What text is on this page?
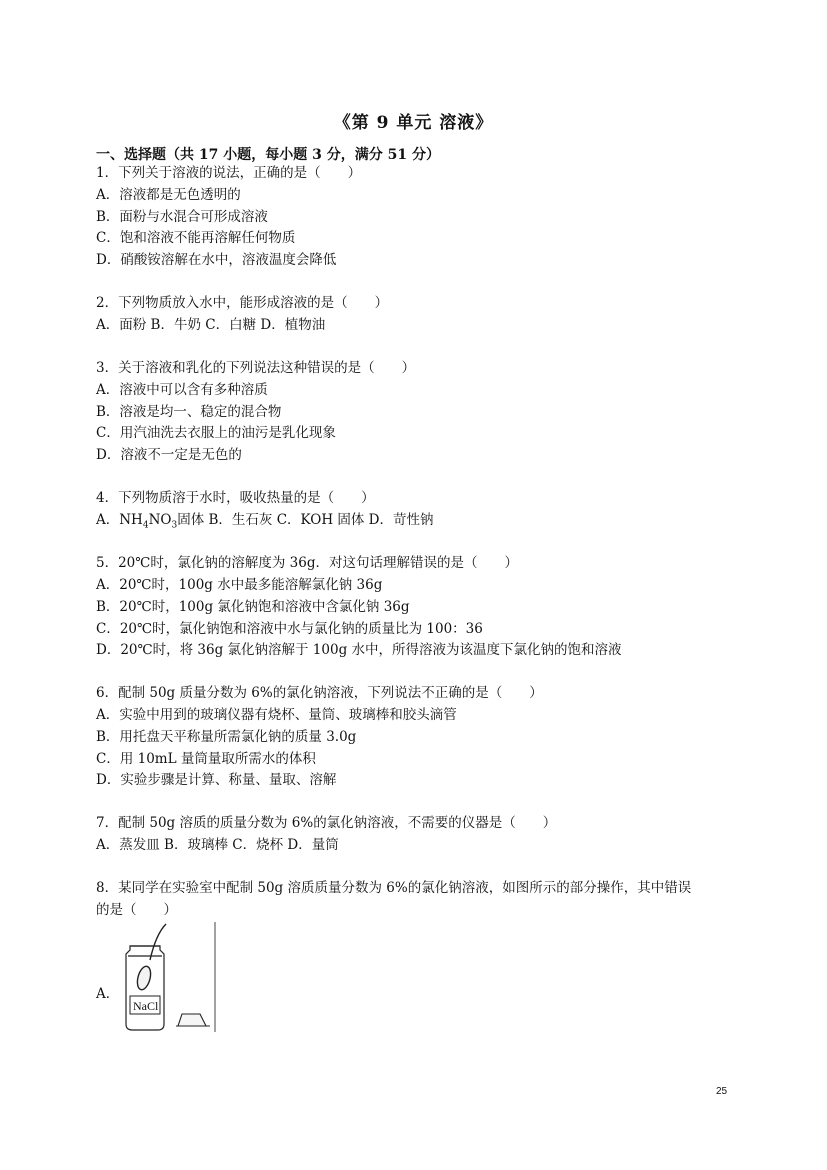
《第 9 单元 溶液》
一、选择题（共 17 小题，每小题 3 分，满分 51 分）
1．下列关于溶液的说法，正确的是（　　）
A．溶液都是无色透明的
B．面粉与水混合可形成溶液
C．饱和溶液不能再溶解任何物质
D．硝酸铵溶解在水中，溶液温度会降低
2．下列物质放入水中，能形成溶液的是（　　）
A．面粉 B．牛奶 C．白糖 D．植物油
3．关于溶液和乳化的下列说法这种错误的是（　　）
A．溶液中可以含有多种溶质
B．溶液是均一、稳定的混合物
C．用汽油洗去衣服上的油污是乳化现象
D．溶液不一定是无色的
4．下列物质溶于水时，吸收热量的是（　　）
A．$NH_4NO_3$固体 B．生石灰 C．KOH 固体 D．苛性钠
5．20℃时，氯化钠的溶解度为 36g．对这句话理解错误的是（　　）
A．20℃时，100g 水中最多能溶解氯化钠 36g
B．20℃时，100g 氯化钠饱和溶液中含氯化钠 36g
C．20℃时，氯化钠饱和溶液中水与氯化钠的质量比为 100：36
D．20℃时，将 36g 氯化钠溶解于 100g 水中，所得溶液为该温度下氯化钠的饱和溶液
6．配制 50g 质量分数为 6%的氯化钠溶液，下列说法不正确的是（　　）
A．实验中用到的玻璃仪器有烧杯、量筒、玻璃棒和胶头滴管
B．用托盘天平称量所需氯化钠的质量 3.0g
C．用 10mL 量筒量取所需水的体积
D．实验步骤是计算、称量、量取、溶解
7．配制 50g 溶质的质量分数为 6%的氯化钠溶液，不需要的仪器是（　　）
A．蒸发皿 B．玻璃棒 C．烧杯 D．量筒
8．某同学在实验室中配制 50g 溶质质量分数为 6%的氯化钠溶液，如图所示的部分操作，其中错误
的是（　　）
A．
NaCl
25
